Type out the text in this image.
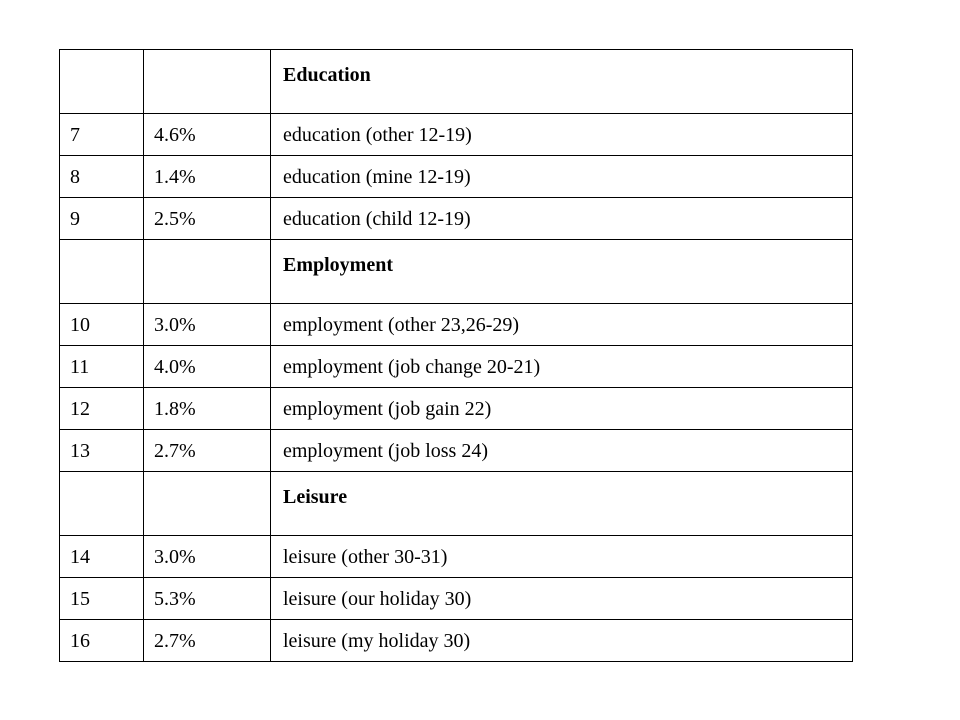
		Education
7	4.6%	education (other 12-19)
8	1.4%	education (mine 12-19)
9	2.5%	education (child 12-19)
		Employment
10	3.0%	employment (other 23,26-29)
11	4.0%	employment (job change 20-21)
12	1.8%	employment (job gain 22)
13	2.7%	employment (job loss 24)
		Leisure
14	3.0%	leisure (other 30-31)
15	5.3%	leisure (our holiday 30)
16	2.7%	leisure (my holiday 30)
